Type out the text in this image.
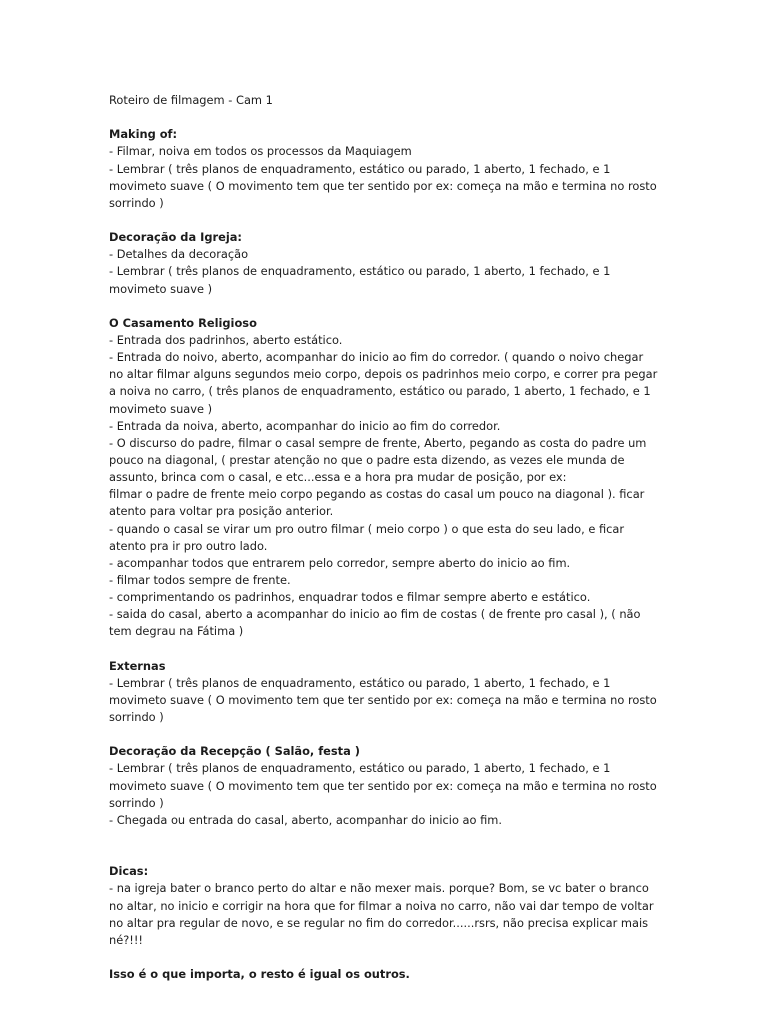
Roteiro de filmagem - Cam 1
Making of:
- Filmar, noiva em todos os processos da Maquiagem
- Lembrar ( três planos de enquadramento, estático ou parado, 1 aberto, 1 fechado, e 1
movimeto suave ( O movimento tem que ter sentido por ex: começa na mão e termina no rosto
sorrindo )
Decoração da Igreja:
- Detalhes da decoração
- Lembrar ( três planos de enquadramento, estático ou parado, 1 aberto, 1 fechado, e 1
movimeto suave )
O Casamento Religioso
- Entrada dos padrinhos, aberto estático.
- Entrada do noivo, aberto, acompanhar do inicio ao fim do corredor. ( quando o noivo chegar
no altar filmar alguns segundos meio corpo, depois os padrinhos meio corpo, e correr pra pegar
a noiva no carro, ( três planos de enquadramento, estático ou parado, 1 aberto, 1 fechado, e 1
movimeto suave )
- Entrada da noiva, aberto, acompanhar do inicio ao fim do corredor.
- O discurso do padre, filmar o casal sempre de frente, Aberto, pegando as costa do padre um
pouco na diagonal, ( prestar atenção no que o padre esta dizendo, as vezes ele munda de
assunto, brinca com o casal, e etc...essa e a hora pra mudar de posição, por ex:
filmar o padre de frente meio corpo pegando as costas do casal um pouco na diagonal ). ficar
atento para voltar pra posição anterior.
- quando o casal se virar um pro outro filmar ( meio corpo ) o que esta do seu lado, e ficar
atento pra ir pro outro lado.
- acompanhar todos que entrarem pelo corredor, sempre aberto do inicio ao fim.
- filmar todos sempre de frente.
- comprimentando os padrinhos, enquadrar todos e filmar sempre aberto e estático.
- saida do casal, aberto a acompanhar do inicio ao fim de costas ( de frente pro casal ), ( não
tem degrau na Fátima )
Externas
- Lembrar ( três planos de enquadramento, estático ou parado, 1 aberto, 1 fechado, e 1
movimeto suave ( O movimento tem que ter sentido por ex: começa na mão e termina no rosto
sorrindo )
Decoração da Recepção ( Salão, festa )
- Lembrar ( três planos de enquadramento, estático ou parado, 1 aberto, 1 fechado, e 1
movimeto suave ( O movimento tem que ter sentido por ex: começa na mão e termina no rosto
sorrindo )
- Chegada ou entrada do casal, aberto, acompanhar do inicio ao fim.
Dicas:
- na igreja bater o branco perto do altar e não mexer mais. porque? Bom, se vc bater o branco
no altar, no inicio e corrigir na hora que for filmar a noiva no carro, não vai dar tempo de voltar
no altar pra regular de novo, e se regular no fim do corredor......rsrs, não precisa explicar mais
né?!!!
Isso é o que importa, o resto é igual os outros.
